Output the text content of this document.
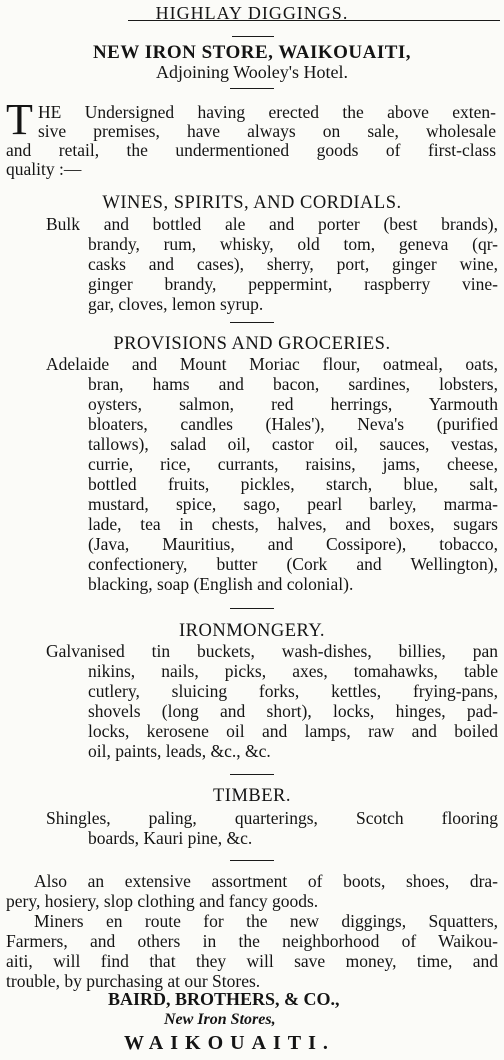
HIGHLAY DIGGINGS.

NEW IRON STORE, WAIKOUAITI,

Adjoining Wooley's Hotel.

T HE Undersigned having erected the above exten-

sive premises, have always on sale, wholesale

and retail, the undermentioned goods of first-class

quality :—

WINES, SPIRITS, AND CORDIALS.

Bulk and bottled ale and porter (best brands),

brandy, rum, whisky, old tom, geneva (qr-

casks and cases), sherry, port, ginger wine,

ginger brandy, peppermint, raspberry vine-

gar, cloves, lemon syrup.

PROVISIONS AND GROCERIES.

Adelaide and Mount Moriac flour, oatmeal, oats,

bran, hams and bacon, sardines, lobsters,

oysters, salmon, red herrings, Yarmouth

bloaters, candles (Hales'), Neva's (purified

tallows), salad oil, castor oil, sauces, vestas,

currie, rice, currants, raisins, jams, cheese,

bottled fruits, pickles, starch, blue, salt,

mustard, spice, sago, pearl barley, marma-

lade, tea in chests, halves, and boxes, sugars

(Java, Mauritius, and Cossipore), tobacco,

confectionery, butter (Cork and Wellington),

blacking, soap (English and colonial).

IRONMONGERY.

Galvanised tin buckets, wash-dishes, billies, pan

nikins, nails, picks, axes, tomahawks, table

cutlery, sluicing forks, kettles, frying-pans,

shovels (long and short), locks, hinges, pad-

locks, kerosene oil and lamps, raw and boiled

oil, paints, leads, &c., &c.

TIMBER.

Shingles, paling, quarterings, Scotch flooring

boards, Kauri pine, &c.

Also an extensive assortment of boots, shoes, dra-

pery, hosiery, slop clothing and fancy goods.

Miners en route for the new diggings, Squatters,

Farmers, and others in the neighborhood of Waikou-

aiti, will find that they will save money, time, and

trouble, by purchasing at our Stores.

BAIRD, BROTHERS, & CO.,

New Iron Stores,

WAIKOUAITI.
